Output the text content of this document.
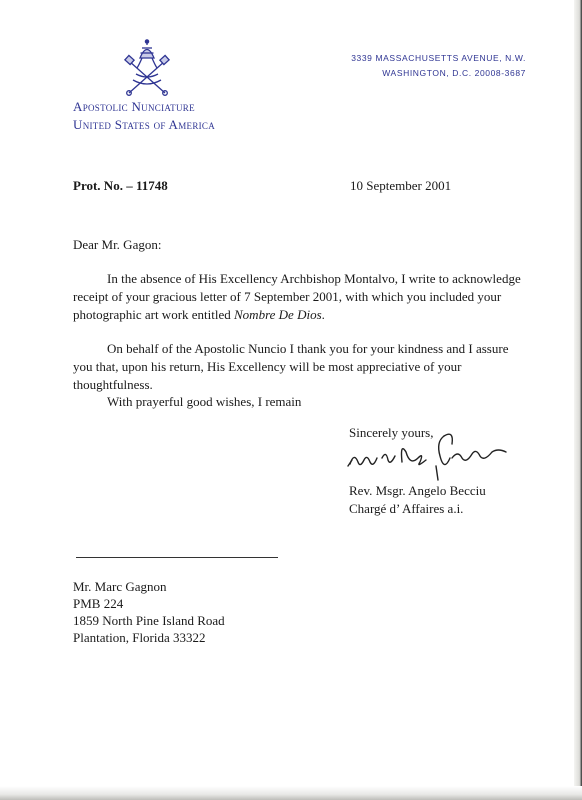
Apostolic Nunciature
United States of America
3339 MASSACHUSETTS AVENUE, N.W.
WASHINGTON, D.C. 20008-3687
Prot. No. – 11748	10 September 2001
Dear Mr. Gagon:
In the absence of His Excellency Archbishop Montalvo, I write to acknowledge receipt of your gracious letter of 7 September 2001, with which you included your photographic art work entitled Nombre De Dios.
On behalf of the Apostolic Nuncio I thank you for your kindness and I assure you that, upon his return, His Excellency will be most appreciative of your thoughtfulness.
With prayerful good wishes, I remain
Sincerely yours,
Rev. Msgr. Angelo Becciu
Chargé d’ Affaires a.i.
Mr. Marc Gagnon
PMB 224
1859 North Pine Island Road
Plantation, Florida 33322
